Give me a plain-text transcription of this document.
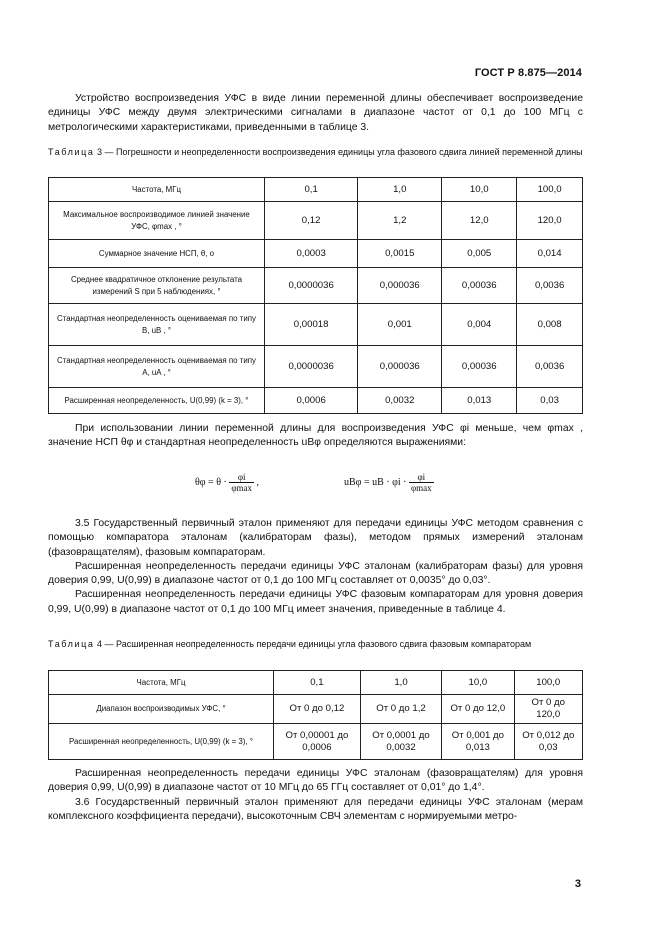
ГОСТ Р 8.875—2014

Устройство воспроизведения УФС в виде линии переменной длины обеспечивает воспроизведение единицы УФС между двумя электрическими сигналами в диапазоне частот от 0,1 до 100 МГц с метрологическими характеристиками, приведенными в таблице 3.

Таблица 3 — Погрешности и неопределенности воспроизведения единицы угла фазового сдвига линией переменной длины
Частота, МГц	0,1	1,0	10,0	100,0
Максимальное воспроизводимое линией значение УФС, φmax , °	0,12	1,2	12,0	120,0
Суммарное значение НСП, θ, о	0,0003	0,0015	0,005	0,014
Среднее квадратичное отклонение результата измерений S при 5 наблюдениях, °	0,0000036	0,000036	0,00036	0,0036
Стандартная неопределенность оцениваемая по типу В, uB , °	0,00018	0,001	0,004	0,008
Стандартная неопределенность оцениваемая по типу А, uA , °	0,0000036	0,000036	0,00036	0,0036
Расширенная неопределенность, U(0,99) (k = 3), °	0,0006	0,0032	0,013	0,03

При использовании линии переменной длины для воспроизведения УФС φi меньше, чем φmax , значение НСП θφ и стандартная неопределенность uBφ определяются выражениями:

$\theta\varphi = \theta \cdot \frac{\varphi i}{\varphi\max}$ ,	uBφ = uB · $\varphi i \cdot \frac{\varphi i}{\varphi\max}$

3.5 Государственный первичный эталон применяют для передачи единицы УФС методом сравнения с помощью компаратора эталонам (калибраторам фазы), методом прямых измерений эталонам (фазовращателям), фазовым компараторам.

Расширенная неопределенность передачи единицы УФС эталонам (калибраторам фазы) для уровня доверия 0,99, U(0,99) в диапазоне частот от 0,1 до 100 МГц составляет от 0,0035° до 0,03°.

Расширенная неопределенность передачи единицы УФС фазовым компараторам для уровня доверия 0,99, U(0,99) в диапазоне частот от 0,1 до 100 МГц имеет значения, приведенные в таблице 4.

Таблица 4 — Расширенная неопределенность передачи единицы угла фазового сдвига фазовым компараторам
Частота, МГц	0,1	1,0	10,0	100,0
Диапазон воспроизводимых УФС, °	От 0 до 0,12	От 0 до 1,2	От 0 до 12,0	От 0 до 120,0
Расширенная неопределенность, U(0,99) (k = 3), °	От 0,00001 до 0,0006	От 0,0001 до 0,0032	От 0,001 до 0,013	От 0,012 до 0,03

Расширенная неопределенность передачи единицы УФС эталонам (фазовращателям) для уровня доверия 0,99, U(0,99) в диапазоне частот от 10 МГц до 65 ГГц составляет от 0,01° до 1,4°.

3.6 Государственный первичный эталон применяют для передачи единицы УФС эталонам (мерам комплексного коэффициента передачи), высокоточным СВЧ элементам с нормируемыми метро-

3
